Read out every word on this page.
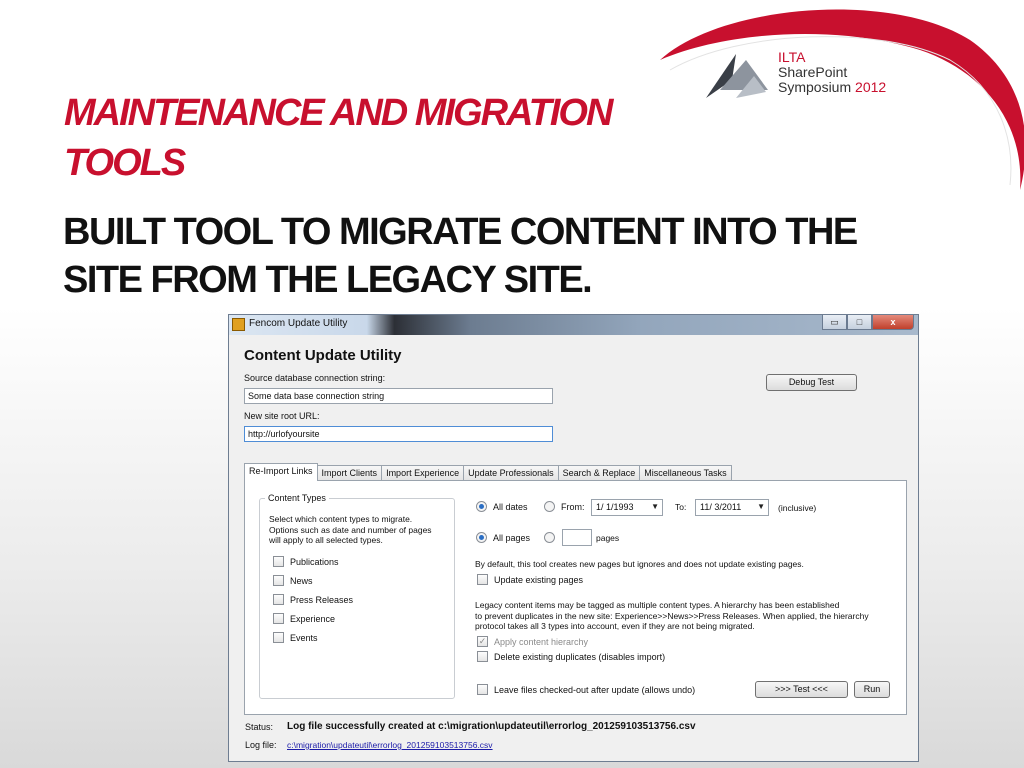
ILTA
SharePoint
Symposium 2012
MAINTENANCE AND MIGRATION
TOOLS
BUILT TOOL TO MIGRATE CONTENT INTO THE
SITE FROM THE LEGACY SITE.
Fencom Update Utility	▭	□	x
Content Update Utility
Source database connection string:
Some data base connection string
New site root URL:
http://urlofyoursite
Debug Test
Re-Import Links	Import Clients	Import Experience	Update Professionals	Search & Replace	Miscellaneous Tasks
Content Types
Select which content types to migrate.
Options such as date and number of pages
will apply to all selected types.
Publications
News
Press Releases
Experience
Events
All dates	From:	1/ 1/1993 ▼ To:	11/ 3/2011 ▼ (inclusive)
All pages	pages
By default, this tool creates new pages but ignores and does not update existing pages.
Update existing pages
Legacy content items may be tagged as multiple content types. A hierarchy has been established
to prevent duplicates in the new site: Experience>>News>>Press Releases. When applied, the hierarchy
protocol takes all 3 types into account, even if they are not being migrated.
✓ Apply content hierarchy
Delete existing duplicates (disables import)
Leave files checked-out after update (allows undo)	>>> Test <<<	Run
Status: Log file successfully created at c:\migration\updateutil\errorlog_201259103513756.csv
Log file: c:\migration\updateutil\errorlog_201259103513756.csv
